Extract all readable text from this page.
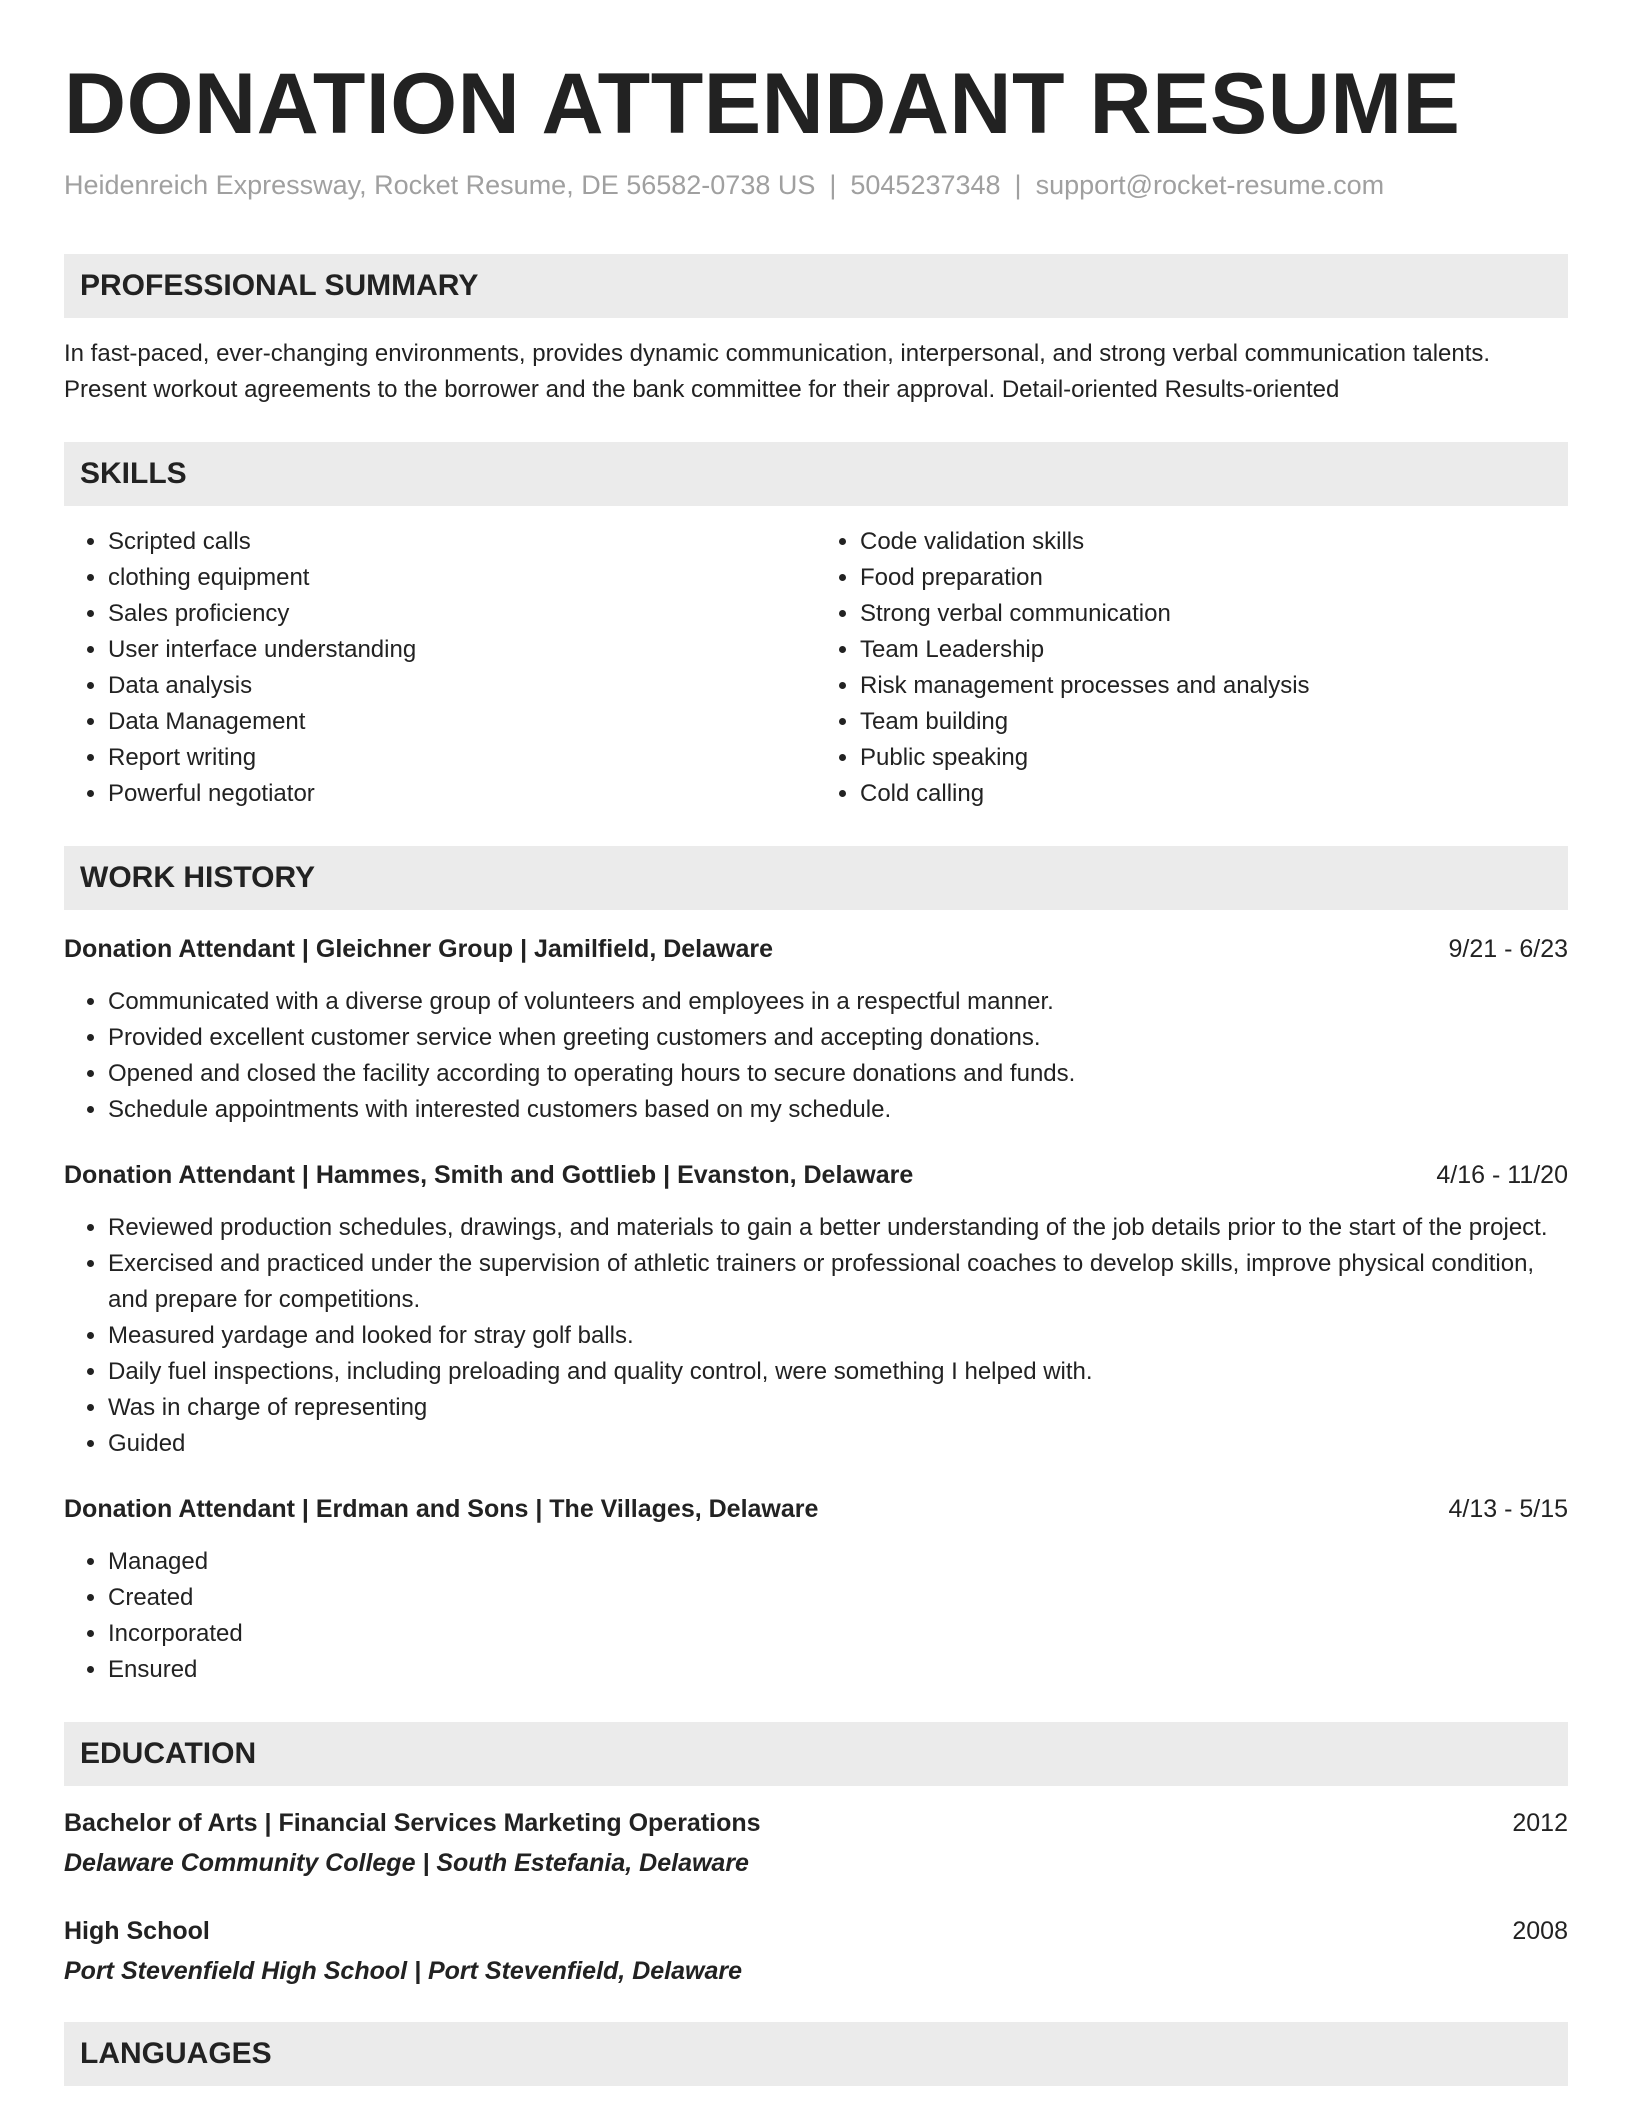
DONATION ATTENDANT RESUME
Heidenreich Expressway, Rocket Resume, DE 56582-0738 US | 5045237348 | support@rocket-resume.com
PROFESSIONAL SUMMARY
In fast-paced, ever-changing environments, provides dynamic communication, interpersonal, and strong verbal communication talents. Present workout agreements to the borrower and the bank committee for their approval. Detail-oriented Results-oriented
SKILLS
• Scripted calls
• clothing equipment
• Sales proficiency
• User interface understanding
• Data analysis
• Data Management
• Report writing
• Powerful negotiator
• Code validation skills
• Food preparation
• Strong verbal communication
• Team Leadership
• Risk management processes and analysis
• Team building
• Public speaking
• Cold calling
WORK HISTORY
Donation Attendant | Gleichner Group | Jamilfield, Delaware	9/21 - 6/23
• Communicated with a diverse group of volunteers and employees in a respectful manner.
• Provided excellent customer service when greeting customers and accepting donations.
• Opened and closed the facility according to operating hours to secure donations and funds.
• Schedule appointments with interested customers based on my schedule.
Donation Attendant | Hammes, Smith and Gottlieb | Evanston, Delaware	4/16 - 11/20
• Reviewed production schedules, drawings, and materials to gain a better understanding of the job details prior to the start of the project.
• Exercised and practiced under the supervision of athletic trainers or professional coaches to develop skills, improve physical condition, and prepare for competitions.
• Measured yardage and looked for stray golf balls.
• Daily fuel inspections, including preloading and quality control, were something I helped with.
• Was in charge of representing
• Guided
Donation Attendant | Erdman and Sons | The Villages, Delaware	4/13 - 5/15
• Managed
• Created
• Incorporated
• Ensured
EDUCATION
Bachelor of Arts | Financial Services Marketing Operations	2012
Delaware Community College | South Estefania, Delaware
High School	2008
Port Stevenfield High School | Port Stevenfield, Delaware
LANGUAGES
